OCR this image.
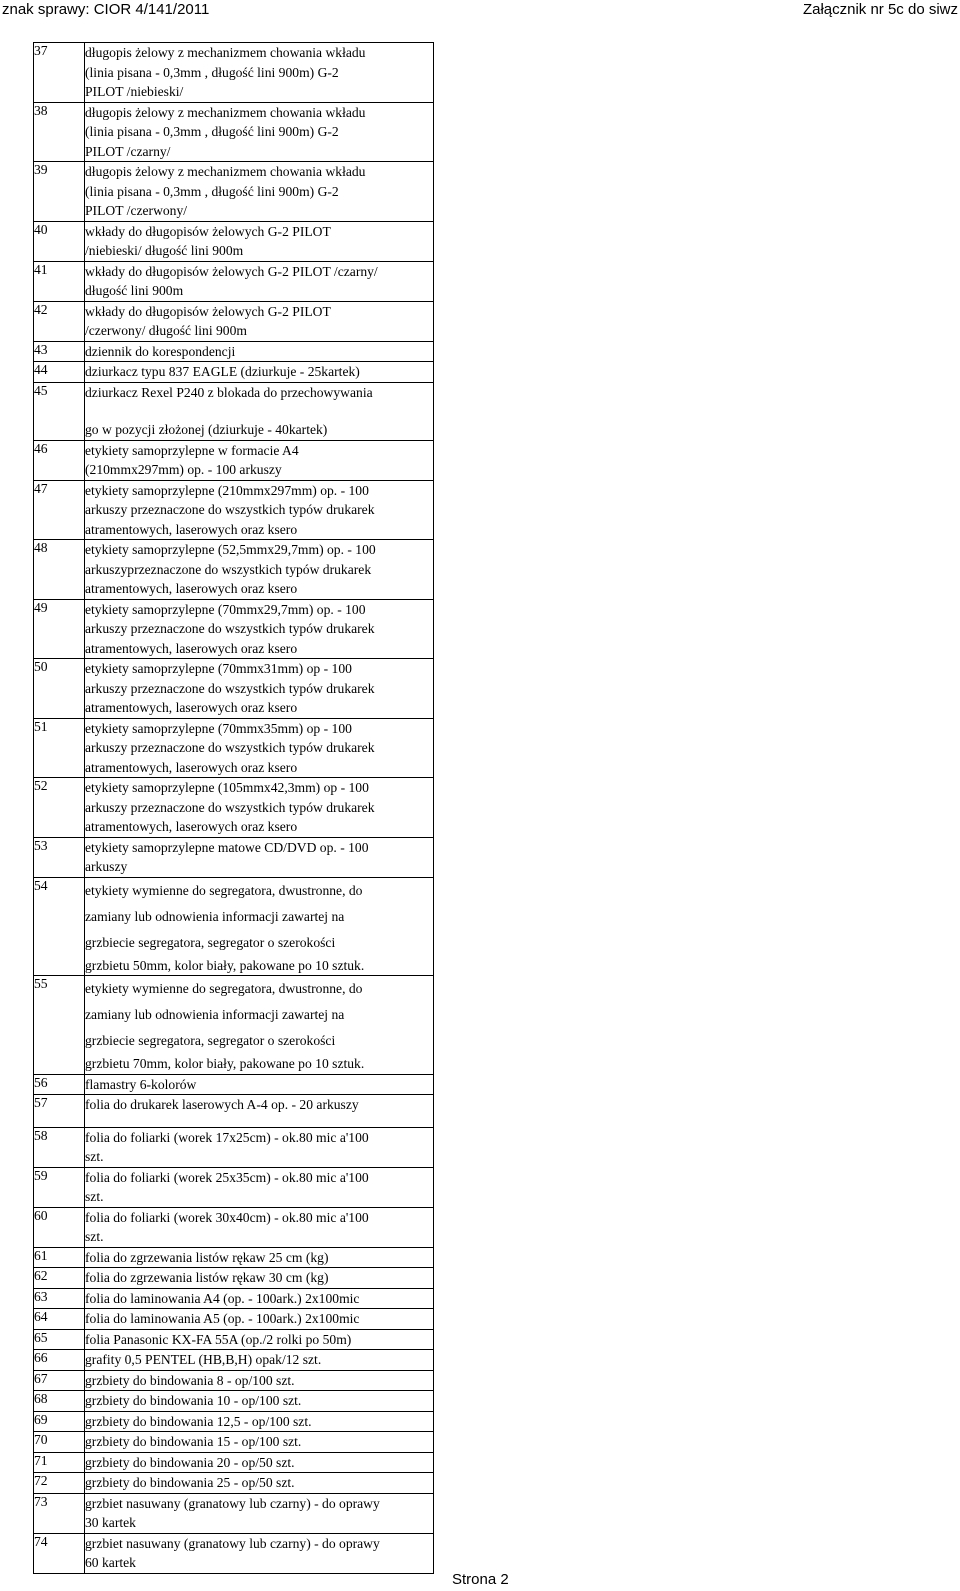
znak sprawy: CIOR 4/141/2011	Załącznik nr 5c do siwz
37	długopis żelowy z mechanizmem chowania wkładu
(linia pisana - 0,3mm , długość lini 900m) G-2
PILOT /niebieski/

38	długopis żelowy z mechanizmem chowania wkładu
(linia pisana - 0,3mm , długość lini 900m) G-2
PILOT /czarny/

39	długopis żelowy z mechanizmem chowania wkładu
(linia pisana - 0,3mm , długość lini 900m) G-2
PILOT /czerwony/

40	wkłady do długopisów żelowych G-2 PILOT
/niebieski/ długość lini 900m

41	wkłady do długopisów żelowych G-2 PILOT /czarny/
długość lini 900m

42	wkłady do długopisów żelowych G-2 PILOT
/czerwony/ długość lini 900m

43	dziennik do korespondencji

44	dziurkacz typu 837 EAGLE (dziurkuje - 25kartek)

45	dziurkacz Rexel P240 z blokada do przechowywania
go w pozycji złożonej (dziurkuje - 40kartek)

46	etykiety samoprzylepne w formacie A4
(210mmx297mm) op. - 100 arkuszy

47	etykiety samoprzylepne (210mmx297mm) op. - 100
arkuszy przeznaczone do wszystkich typów drukarek
atramentowych, laserowych oraz ksero

48	etykiety samoprzylepne (52,5mmx29,7mm) op. - 100
arkuszyprzeznaczone do wszystkich typów drukarek
atramentowych, laserowych oraz ksero

49	etykiety samoprzylepne (70mmx29,7mm) op. - 100
arkuszy przeznaczone do wszystkich typów drukarek
atramentowych, laserowych oraz ksero

50	etykiety samoprzylepne (70mmx31mm) op - 100
arkuszy przeznaczone do wszystkich typów drukarek
atramentowych, laserowych oraz ksero

51	etykiety samoprzylepne (70mmx35mm) op - 100
arkuszy przeznaczone do wszystkich typów drukarek
atramentowych, laserowych oraz ksero

52	etykiety samoprzylepne (105mmx42,3mm) op - 100
arkuszy przeznaczone do wszystkich typów drukarek
atramentowych, laserowych oraz ksero

53	etykiety samoprzylepne matowe CD/DVD op. - 100
arkuszy

54	etykiety wymienne do segregatora, dwustronne, do
zamiany lub odnowienia informacji zawartej na
grzbiecie segregatora, segregator o szerokości
grzbietu 50mm, kolor biały, pakowane po 10 sztuk.

55	etykiety wymienne do segregatora, dwustronne, do
zamiany lub odnowienia informacji zawartej na
grzbiecie segregatora, segregator o szerokości
grzbietu 70mm, kolor biały, pakowane po 10 sztuk.

56	flamastry 6-kolorów

57	folia do drukarek laserowych A-4 op. - 20 arkuszy

58	folia do foliarki (worek 17x25cm) - ok.80 mic a'100
szt.

59	folia do foliarki (worek 25x35cm) - ok.80 mic a'100
szt.

60	folia do foliarki (worek 30x40cm) - ok.80 mic a'100
szt.

61	folia do zgrzewania listów rękaw 25 cm (kg)

62	folia do zgrzewania listów rękaw 30 cm (kg)

63	folia do laminowania A4 (op. - 100ark.) 2x100mic

64	folia do laminowania A5 (op. - 100ark.) 2x100mic

65	folia Panasonic KX-FA 55A (op./2 rolki po 50m)

66	grafity 0,5 PENTEL (HB,B,H) opak/12 szt.

67	grzbiety do bindowania 8 - op/100 szt.

68	grzbiety do bindowania 10 - op/100 szt.

69	grzbiety do bindowania 12,5 - op/100 szt.

70	grzbiety do bindowania 15 - op/100 szt.

71	grzbiety do bindowania 20 - op/50 szt.

72	grzbiety do bindowania 25 - op/50 szt.

73	grzbiet nasuwany (granatowy lub czarny) - do oprawy
30 kartek

74	grzbiet nasuwany (granatowy lub czarny) - do oprawy
60 kartek
Strona 2
